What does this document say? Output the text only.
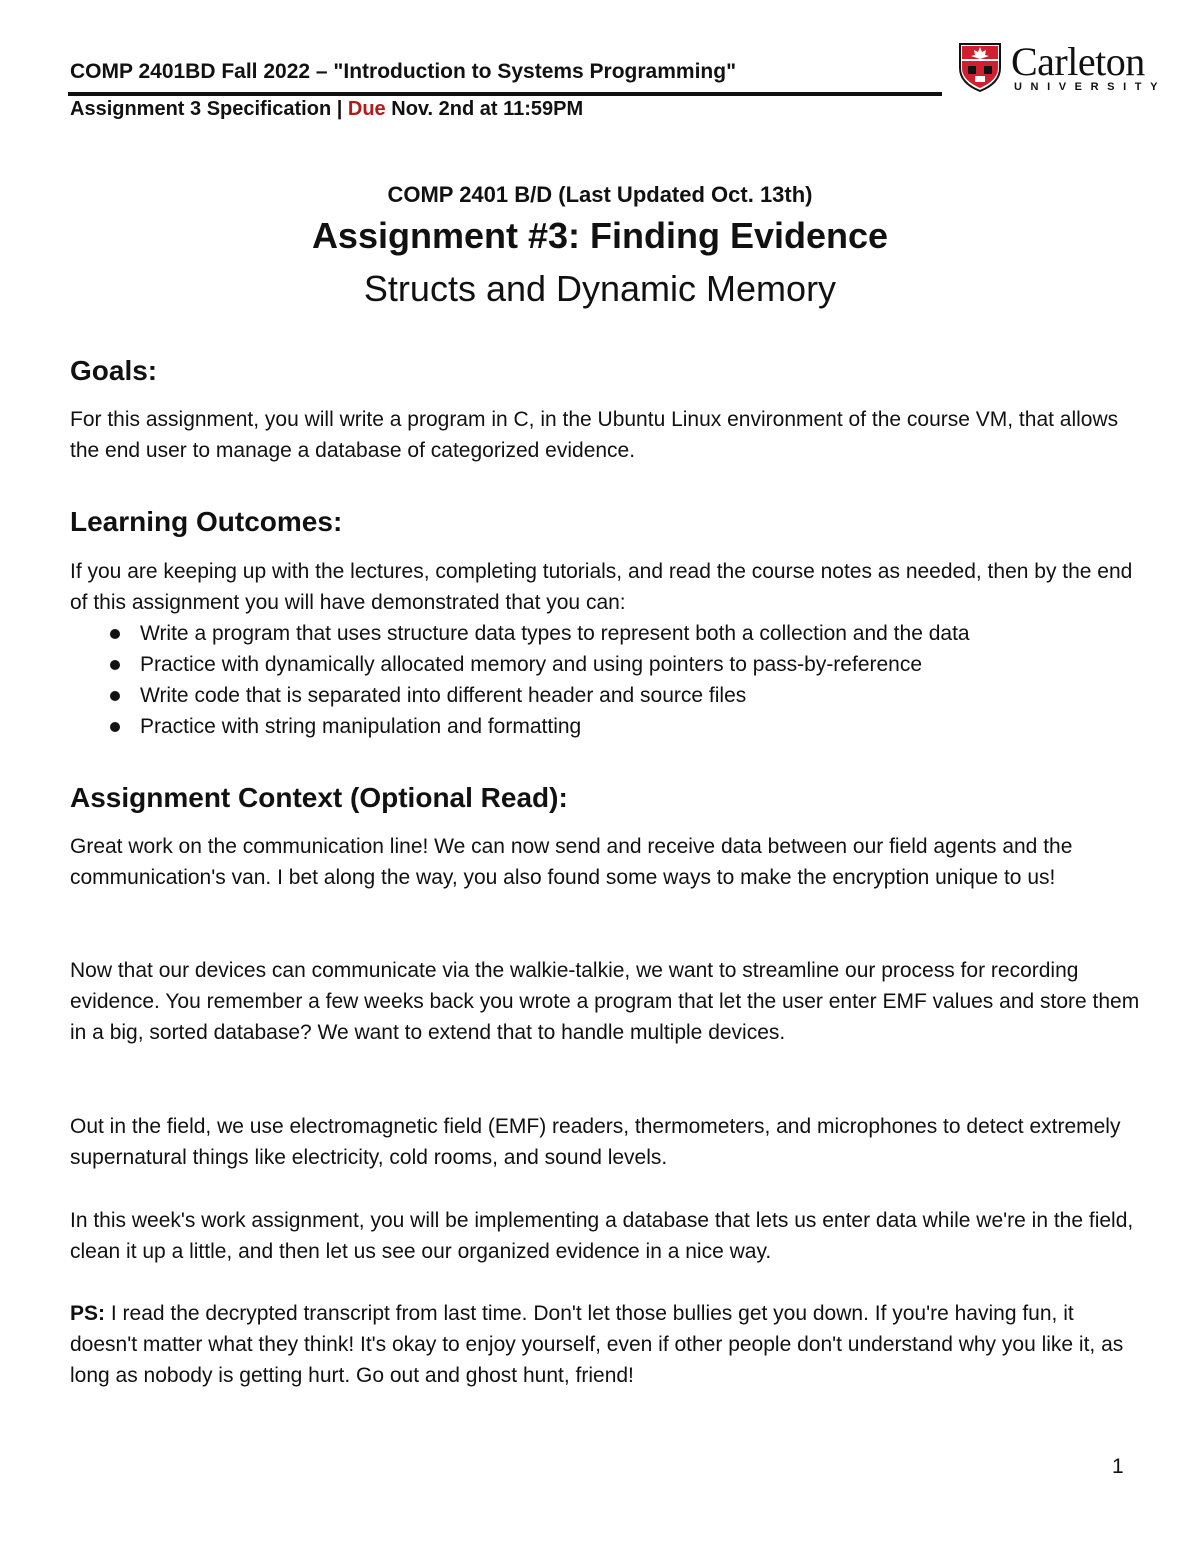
COMP 2401BD Fall 2022 – "Introduction to Systems Programming"
Assignment 3 Specification | Due Nov. 2nd at 11:59PM
Carleton
UNIVERSITY
COMP 2401 B/D (Last Updated Oct. 13th)
Assignment #3: Finding Evidence
Structs and Dynamic Memory
Goals:

For this assignment, you will write a program in C, in the Ubuntu Linux environment of the course VM, that allows the end user to manage a database of categorized evidence.

Learning Outcomes:

If you are keeping up with the lectures, completing tutorials, and read the course notes as needed, then by the end of this assignment you will have demonstrated that you can:

Write a program that uses structure data types to represent both a collection and the data
Practice with dynamically allocated memory and using pointers to pass-by-reference
Write code that is separated into different header and source files
Practice with string manipulation and formatting
Assignment Context (Optional Read):

Great work on the communication line! We can now send and receive data between our field agents and the communication's van. I bet along the way, you also found some ways to make the encryption unique to us!

Now that our devices can communicate via the walkie-talkie, we want to streamline our process for recording evidence. You remember a few weeks back you wrote a program that let the user enter EMF values and store them in a big, sorted database? We want to extend that to handle multiple devices.

Out in the field, we use electromagnetic field (EMF) readers, thermometers, and microphones to detect extremely supernatural things like electricity, cold rooms, and sound levels.

In this week's work assignment, you will be implementing a database that lets us enter data while we're in the field, clean it up a little, and then let us see our organized evidence in a nice way.

PS: I read the decrypted transcript from last time. Don't let those bullies get you down. If you're having fun, it doesn't matter what they think! It's okay to enjoy yourself, even if other people don't understand why you like it, as long as nobody is getting hurt. Go out and ghost hunt, friend!

1
